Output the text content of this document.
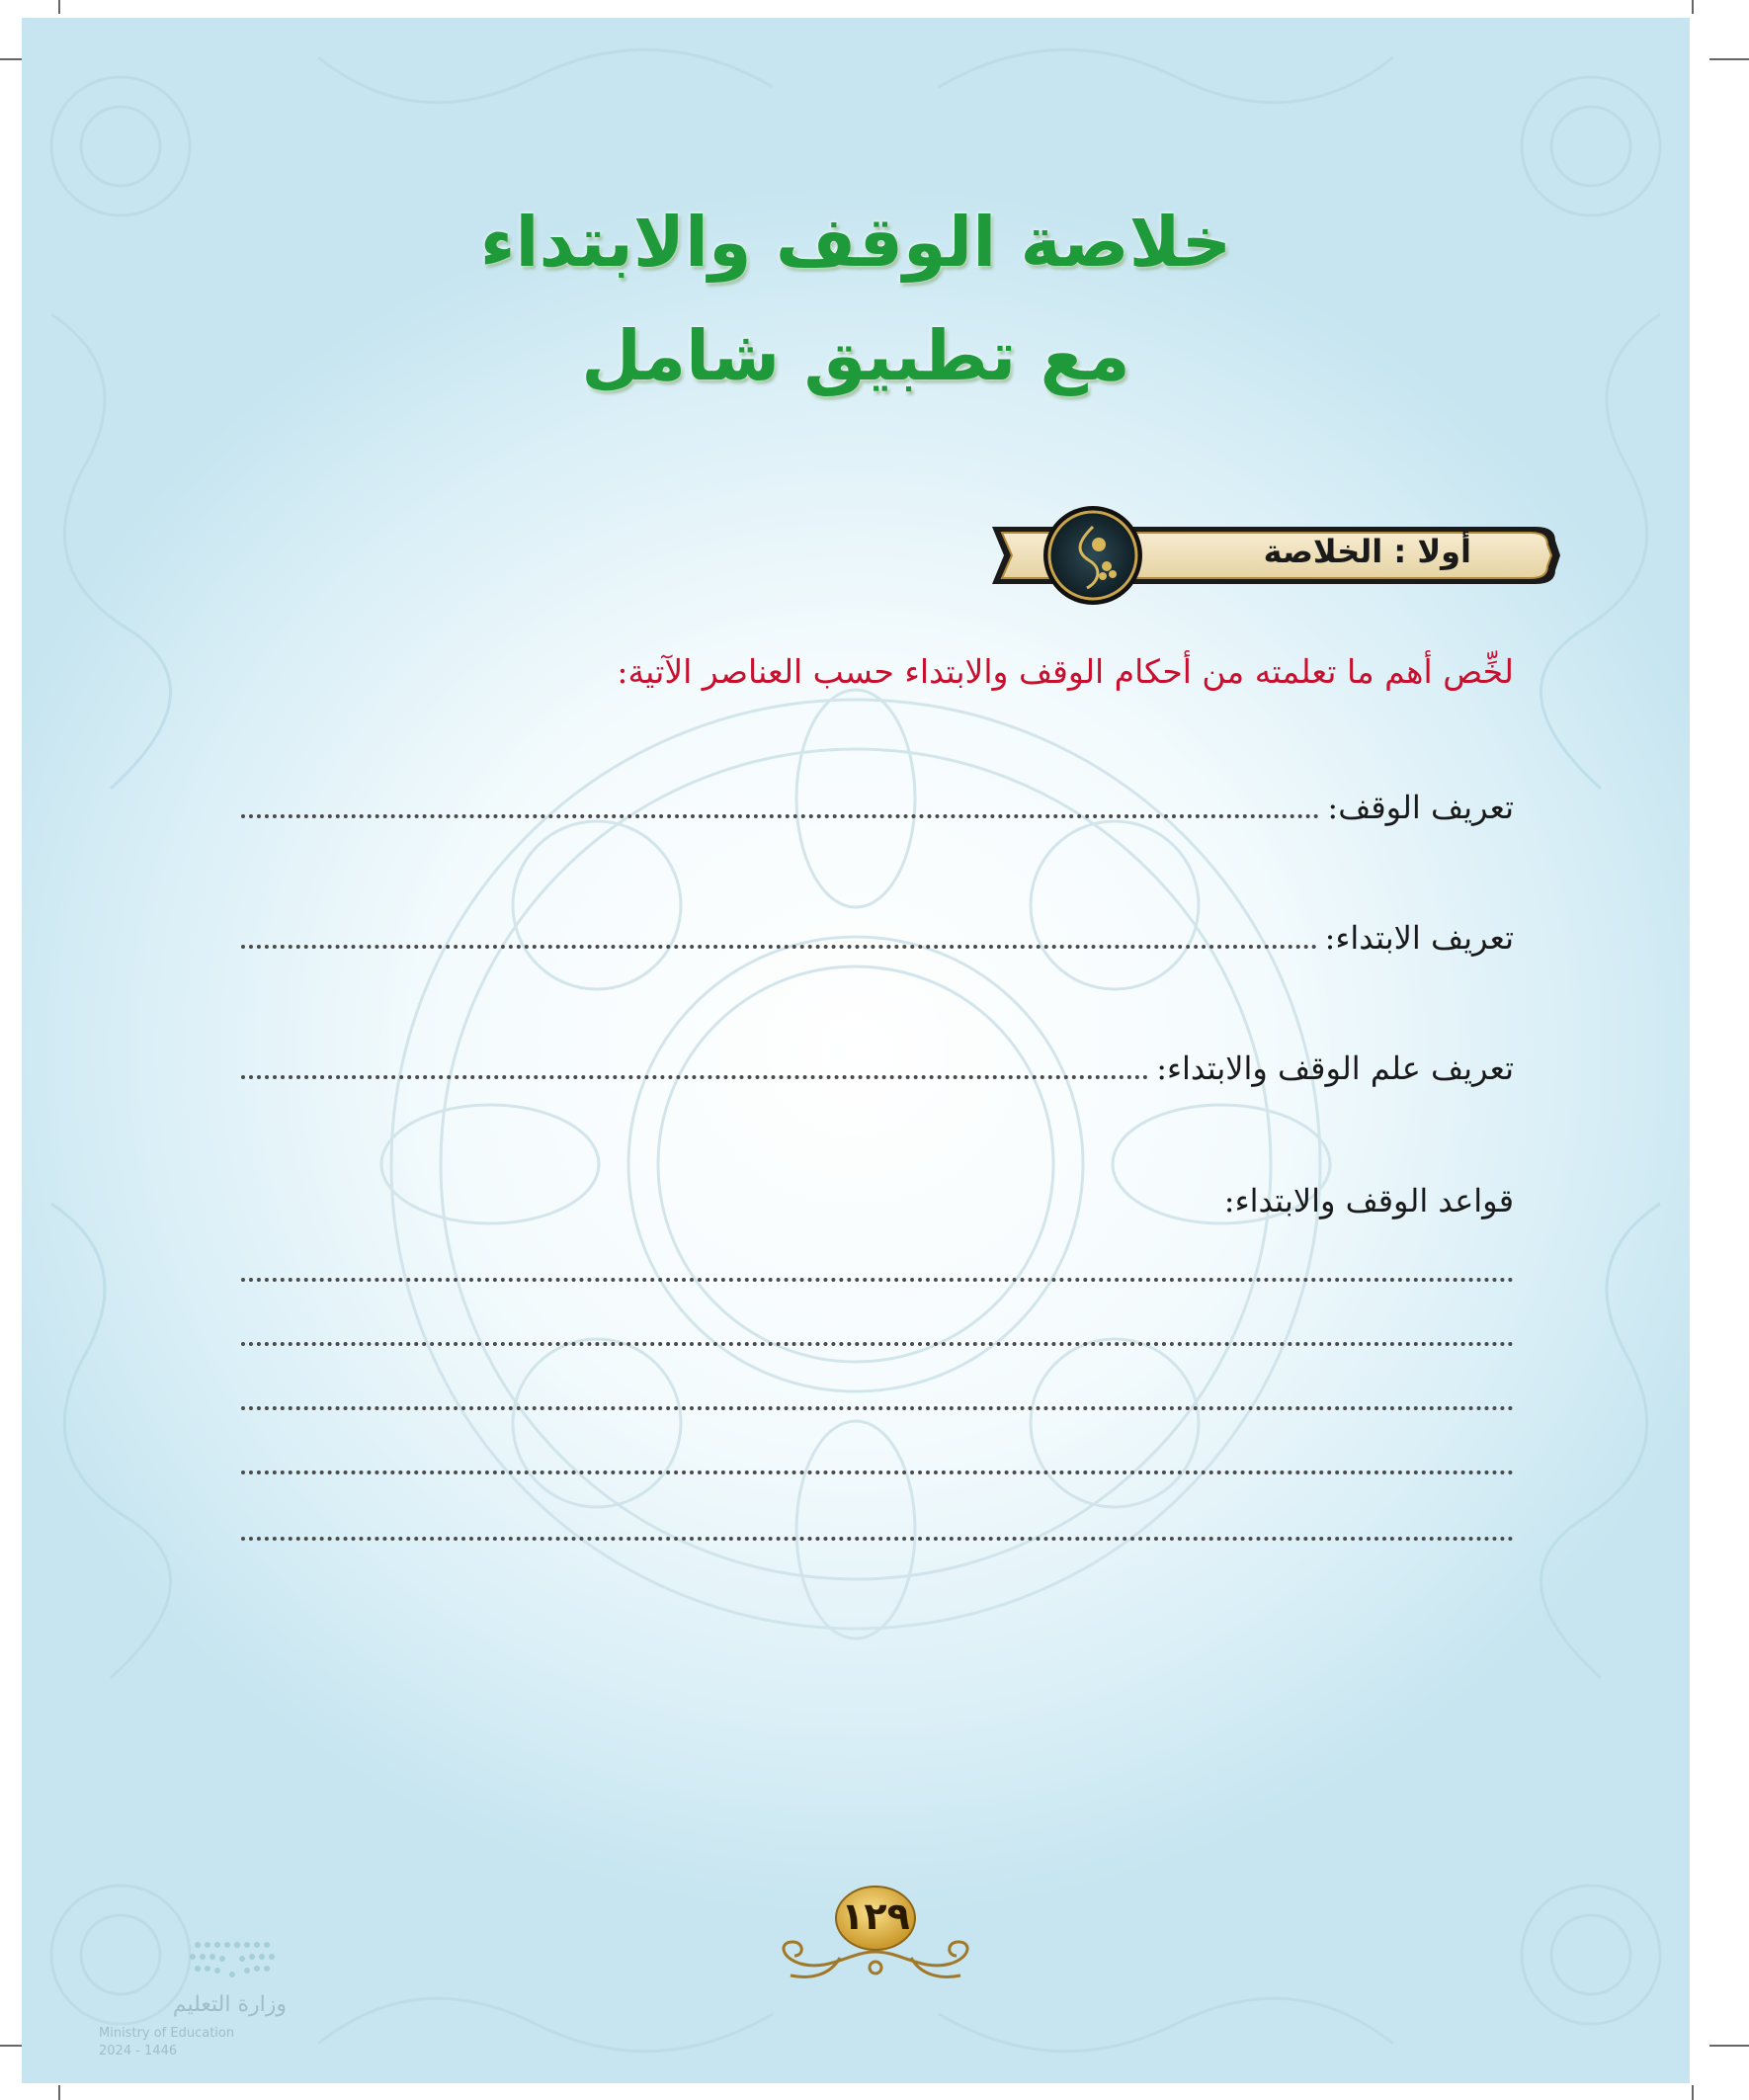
خلاصة الوقف والابتداء
مع تطبيق شامل
أولا : الخلاصة
لخِّص أهم ما تعلمته من أحكام الوقف والابتداء حسب العناصر الآتية:
تعريف الوقف:
تعريف الابتداء:
تعريف علم الوقف والابتداء:
قواعد الوقف والابتداء:
١٢٩
وزارة التعليم
Ministry of Education
2024 - 1446
